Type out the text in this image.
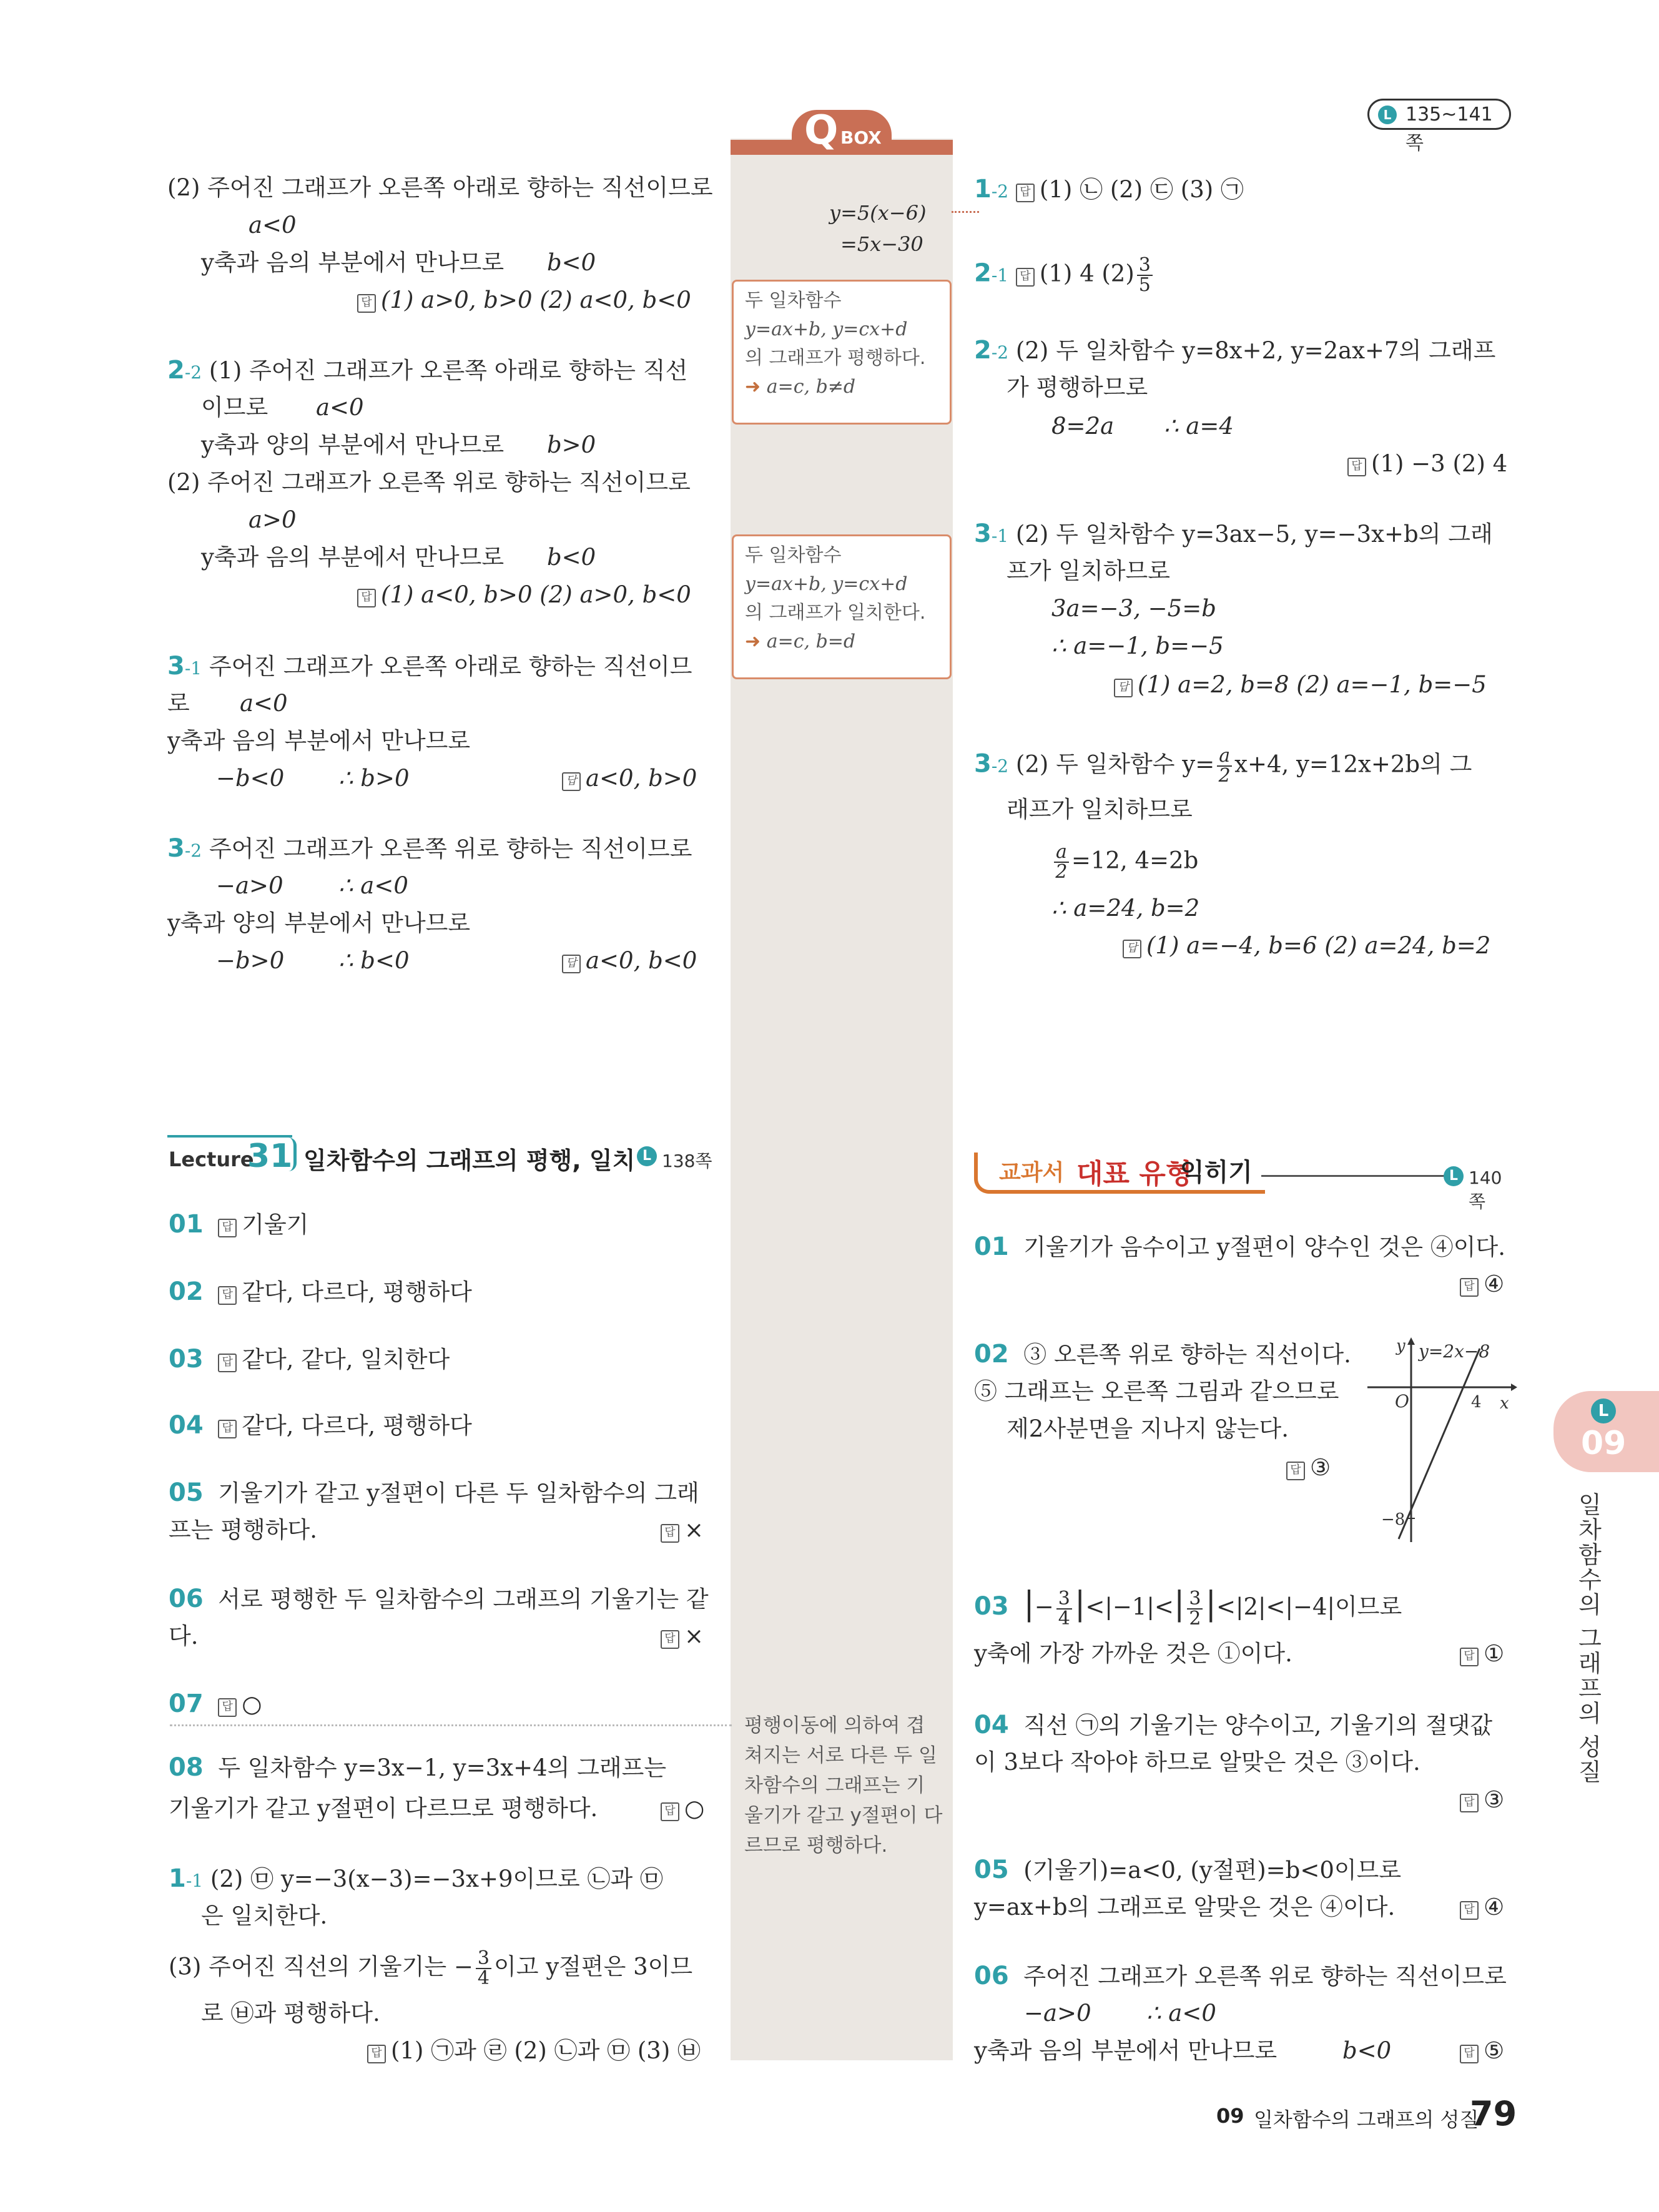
L 135~141쪽
Q BOX
y=5(x−6)
=5x−30
두 일차함수
y=ax+b, y=cx+d
의 그래프가 평행하다.
➜ a=c, b≠d
두 일차함수
y=ax+b, y=cx+d
의 그래프가 일치한다.
➜ a=c, b=d
평행이동에 의하여 겹
쳐지는 서로 다른 두 일
차함수의 그래프는 기
울기가 같고 y절편이 다
르므로 평행하다.
(2) 주어진 그래프가 오른쪽 아래로 향하는 직선이므로
a<0
y축과 음의 부분에서 만나므로 b<0
답 (1) a>0, b>0 (2) a<0, b<0
2-2 (1) 주어진 그래프가 오른쪽 아래로 향하는 직선
이므로 a<0
y축과 양의 부분에서 만나므로 b>0
(2) 주어진 그래프가 오른쪽 위로 향하는 직선이므로
a>0
y축과 음의 부분에서 만나므로 b<0
답 (1) a<0, b>0 (2) a>0, b<0
3-1 주어진 그래프가 오른쪽 아래로 향하는 직선이므
로 a<0
y축과 음의 부분에서 만나므로
−b<0 ∴ b>0	답 a<0, b>0
3-2 주어진 그래프가 오른쪽 위로 향하는 직선이므로
−a>0 ∴ a<0
y축과 양의 부분에서 만나므로
−b>0 ∴ b<0	답 a<0, b<0
1-2 답 (1) ㉡ (2) ㉢ (3) ㉠
2-1 답 (1) 4 $(2) \frac{3}{5}$
2-2 (2) 두 일차함수 y=8x+2, y=2ax+7의 그래프
가 평행하므로
8=2a ∴ a=4
답 (1) −3 (2) 4
3-1 (2) 두 일차함수 y=3ax−5, y=−3x+b의 그래
프가 일치하므로
3a=−3, −5=b
∴ a=−1, b=−5
답 (1) a=2, b=8 (2) a=−1, b=−5
3-2 (2) 두 일차함수 $y= \frac{a}{2} x+4$, y=12x+2b의 그
래프가 일치하므로
$\frac{a}{2} =12$, 4=2b
∴ a=24, b=2
답 (1) a=−4, b=6 (2) a=24, b=2
Lecture
31 일차함수의 그래프의 평행, 일치 L 138쪽
01 답 기울기
02 답 같다, 다르다, 평행하다
03 답 같다, 같다, 일치한다
04 답 같다, 다르다, 평행하다
05 기울기가 같고 y절편이 다른 두 일차함수의 그래
프는 평행하다.	답 ×
06 서로 평행한 두 일차함수의 그래프의 기울기는 같
다.	답 ×
07 답 ○
08 두 일차함수 y=3x−1, y=3x+4의 그래프는
기울기가 같고 y절편이 다르므로 평행하다.	답 ○
1-1 (2) ㉤ y=−3(x−3)=−3x+9이므로 ㉡과 ㉤
은 일치한다.
(3) 주어진 직선의 기울기는 − $\frac{3}{4}$ 이고 y절편은 3이므
로 ㉥과 평행하다.
답 (1) ㉠과 ㉣ (2) ㉡과 ㉤ (3) ㉥
교과서 대표 유형
익히기	L 140쪽
01 기울기가 음수이고 y절편이 양수인 것은 ④이다.
답 ④
02 ③ 오른쪽 위로 향하는 직선이다.
⑤ 그래프는 오른쪽 그림과 같으므로
제2사분면을 지나지 않는다.
답 ③
y=2x−8
y
x
O	4
−8
03 |− $\frac{3}{4} |<|-1|<| \frac{3}{2} |<|2|<|-4|$이므로
y축에 가장 가까운 것은 ①이다.	답 ①
04 직선 ㉠의 기울기는 양수이고, 기울기의 절댓값
이 3보다 작아야 하므로 알맞은 것은 ③이다.
답 ③
05 (기울기)=a<0, (y절편)=b<0이므로
y=ax+b의 그래프로 알맞은 것은 ④이다.	답 ④
06 주어진 그래프가 오른쪽 위로 향하는 직선이므로
−a>0 ∴ a<0
y축과 음의 부분에서 만나므로	b<0	답 ⑤
L
09
일차함수의 그래프의 성질
09 일차함수의 그래프의 성질
79
